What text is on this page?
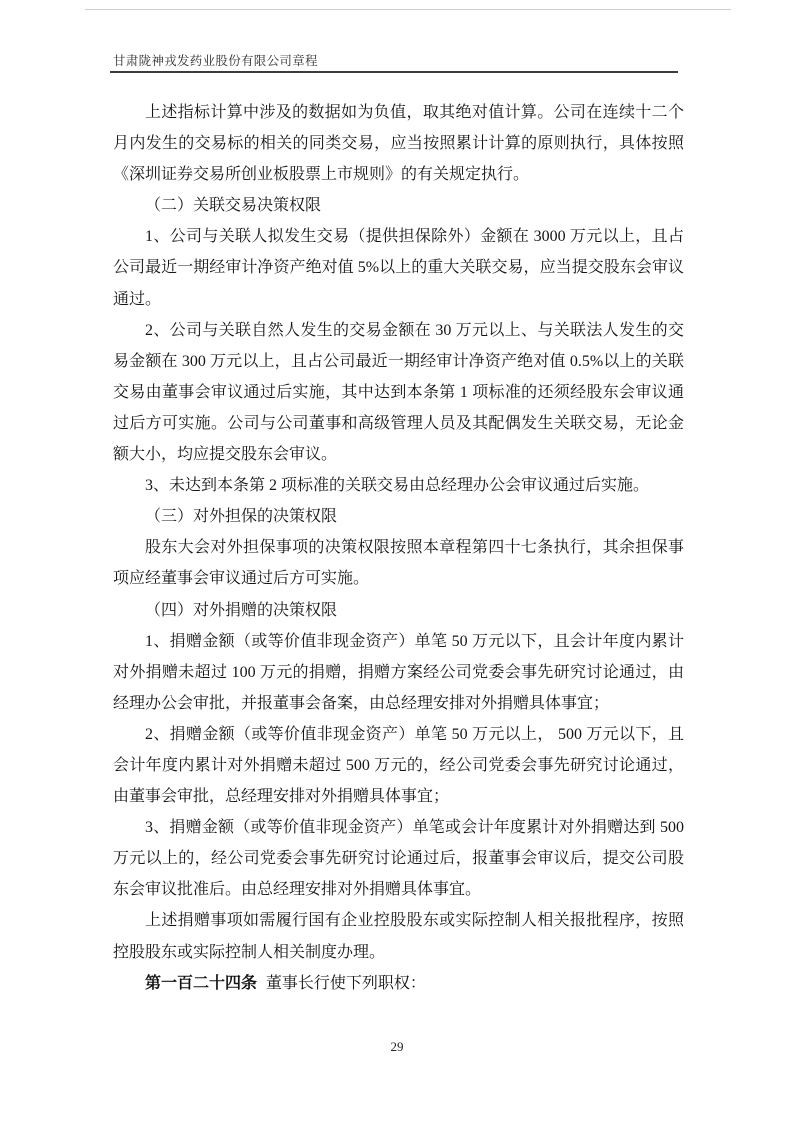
甘肃陇神戎发药业股份有限公司章程

上述指标计算中涉及的数据如为负值，取其绝对值计算。公司在连续十二个月内发生的交易标的相关的同类交易，应当按照累计计算的原则执行，具体按照《深圳证券交易所创业板股票上市规则》的有关规定执行。

（二）关联交易决策权限

1、公司与关联人拟发生交易（提供担保除外）金额在 3000 万元以上，且占公司最近一期经审计净资产绝对值 5%以上的重大关联交易，应当提交股东会审议通过。

2、公司与关联自然人发生的交易金额在 30 万元以上、与关联法人发生的交易金额在 300 万元以上，且占公司最近一期经审计净资产绝对值 0.5%以上的关联交易由董事会审议通过后实施，其中达到本条第 1 项标准的还须经股东会审议通过后方可实施。公司与公司董事和高级管理人员及其配偶发生关联交易，无论金额大小，均应提交股东会审议。

3、未达到本条第 2 项标准的关联交易由总经理办公会审议通过后实施。

（三）对外担保的决策权限

股东大会对外担保事项的决策权限按照本章程第四十七条执行，其余担保事项应经董事会审议通过后方可实施。

（四）对外捐赠的决策权限

1、捐赠金额（或等价值非现金资产）单笔 50 万元以下，且会计年度内累计对外捐赠未超过 100 万元的捐赠，捐赠方案经公司党委会事先研究讨论通过，由经理办公会审批，并报董事会备案，由总经理安排对外捐赠具体事宜；

2、捐赠金额（或等价值非现金资产）单笔 50 万元以上， 500 万元以下，且会计年度内累计对外捐赠未超过 500 万元的，经公司党委会事先研究讨论通过，由董事会审批，总经理安排对外捐赠具体事宜；

3、捐赠金额（或等价值非现金资产）单笔或会计年度累计对外捐赠达到 500 万元以上的，经公司党委会事先研究讨论通过后，报董事会审议后，提交公司股东会审议批准后。由总经理安排对外捐赠具体事宜。

上述捐赠事项如需履行国有企业控股股东或实际控制人相关报批程序，按照控股股东或实际控制人相关制度办理。

第一百二十四条 董事长行使下列职权：

29
